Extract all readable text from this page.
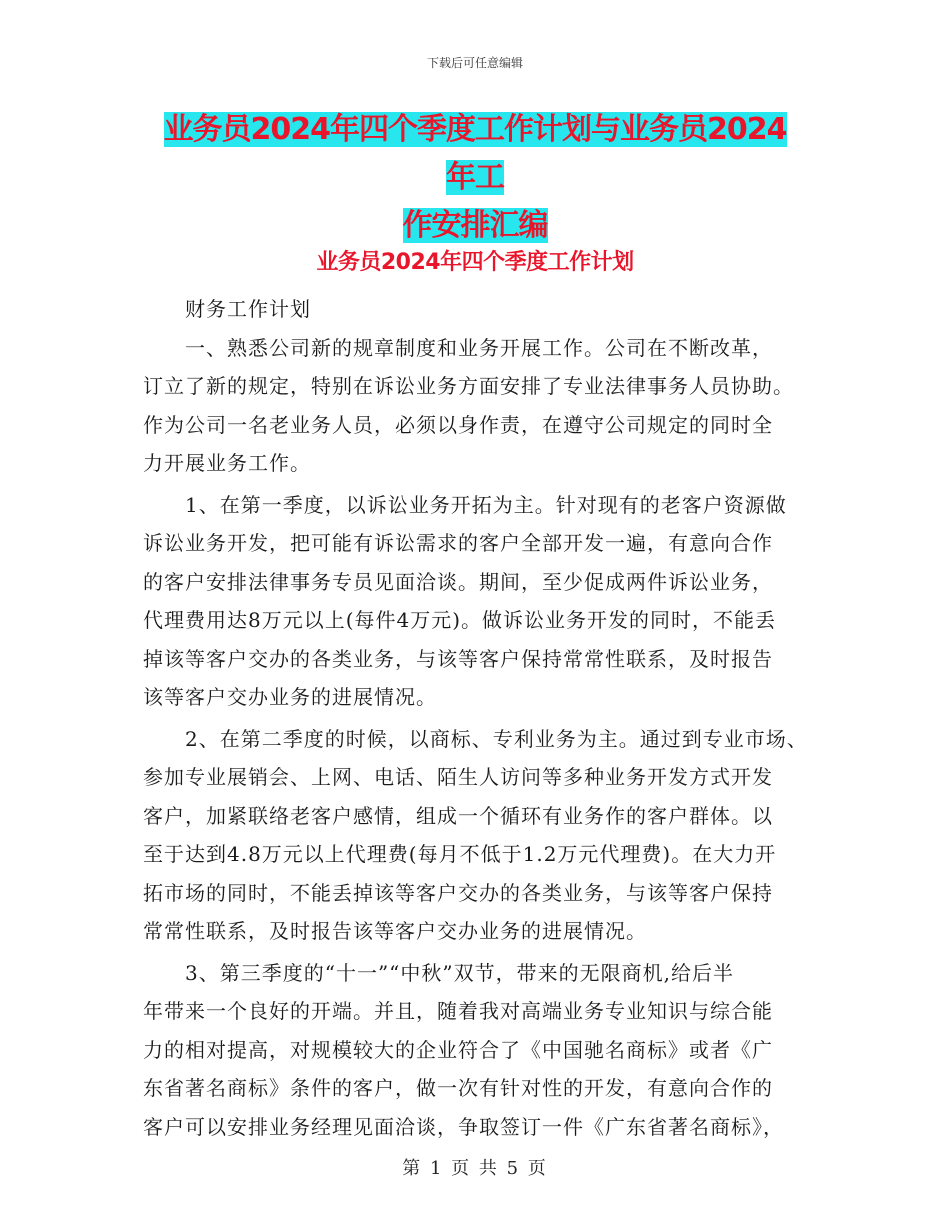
下载后可任意编辑
业务员2024年四个季度工作计划与业务员2024年工
作安排汇编
业务员2024年四个季度工作计划
财务工作计划
一、熟悉公司新的规章制度和业务开展工作。公司在不断改革，
订立了新的规定，特别在诉讼业务方面安排了专业法律事务人员协助。
作为公司一名老业务人员，必须以身作责，在遵守公司规定的同时全
力开展业务工作。
1、在第一季度，以诉讼业务开拓为主。针对现有的老客户资源做
诉讼业务开发，把可能有诉讼需求的客户全部开发一遍，有意向合作
的客户安排法律事务专员见面洽谈。期间，至少促成两件诉讼业务，
代理费用达8万元以上(每件4万元)。做诉讼业务开发的同时，不能丢
掉该等客户交办的各类业务，与该等客户保持常常性联系，及时报告
该等客户交办业务的进展情况。
2、在第二季度的时候，以商标、专利业务为主。通过到专业市场、
参加专业展销会、上网、电话、陌生人访问等多种业务开发方式开发
客户，加紧联络老客户感情，组成一个循环有业务作的客户群体。以
至于达到4.8万元以上代理费(每月不低于1.2万元代理费)。在大力开
拓市场的同时，不能丢掉该等客户交办的各类业务，与该等客户保持
常常性联系，及时报告该等客户交办业务的进展情况。
3、第三季度的“十一”“中秋”双节，带来的无限商机,给后半
年带来一个良好的开端。并且，随着我对高端业务专业知识与综合能
力的相对提高，对规模较大的企业符合了《中国驰名商标》或者《广
东省著名商标》条件的客户，做一次有针对性的开发，有意向合作的
客户可以安排业务经理见面洽谈，争取签订一件《广东省著名商标》，
第 1 页 共 5 页
